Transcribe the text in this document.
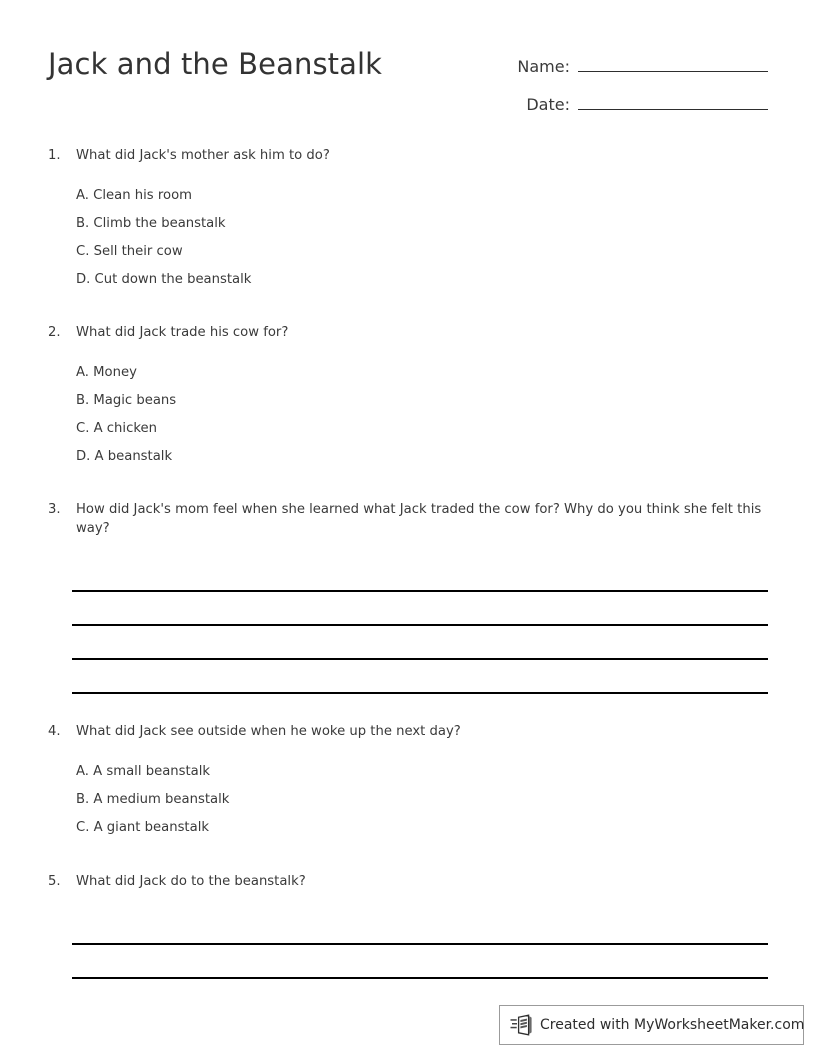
Jack and the Beanstalk	Name:
Date:
1.	What did Jack's mother ask him to do?
A. Clean his room
B. Climb the beanstalk
C. Sell their cow
D. Cut down the beanstalk
2.	What did Jack trade his cow for?
A. Money
B. Magic beans
C. A chicken
D. A beanstalk
3.	How did Jack's mom feel when she learned what Jack traded the cow for? Why do you think she felt this way?
4.	What did Jack see outside when he woke up the next day?
A. A small beanstalk
B. A medium beanstalk
C. A giant beanstalk
5.	What did Jack do to the beanstalk?
Created with MyWorksheetMaker.com
